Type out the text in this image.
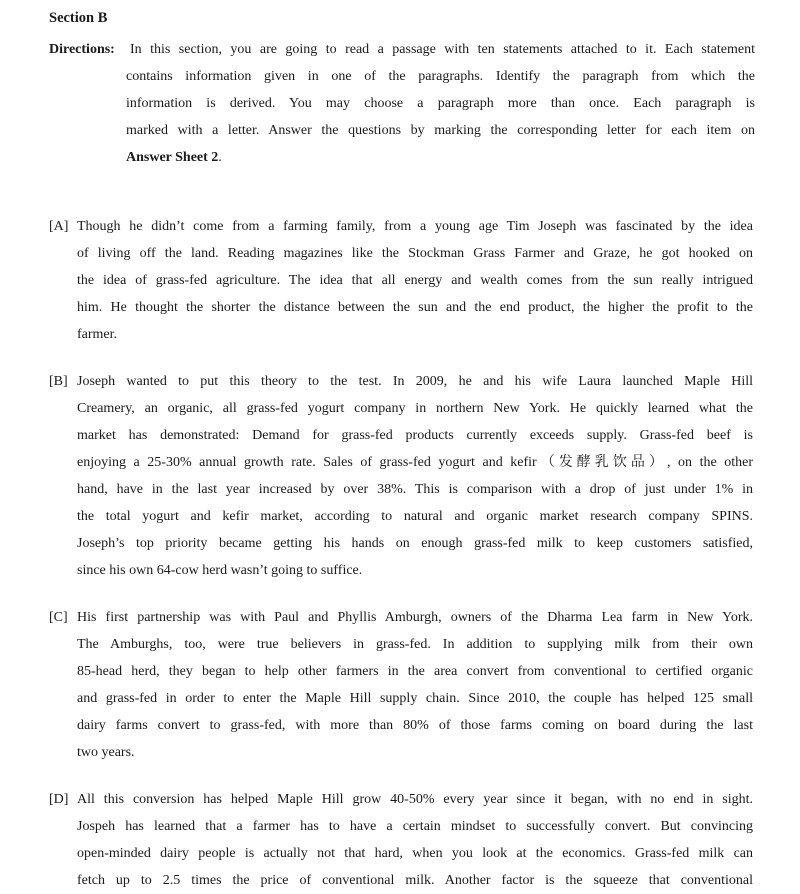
Section B
Directions: In this section, you are going to read a passage with ten statements attached to it. Each statement
contains information given in one of the paragraphs. Identify the paragraph from which the
information is derived. You may choose a paragraph more than once. Each paragraph is
marked with a letter. Answer the questions by marking the corresponding letter for each item on
Answer Sheet 2.
[A] Though he didn’t come from a farming family, from a young age Tim Joseph was fascinated by the idea
of living off the land. Reading magazines like the Stockman Grass Farmer and Graze, he got hooked on
the idea of grass-fed agriculture. The idea that all energy and wealth comes from the sun really intrigued
him. He thought the shorter the distance between the sun and the end product, the higher the profit to the
farmer.
[B] Joseph wanted to put this theory to the test. In 2009, he and his wife Laura launched Maple Hill
Creamery, an organic, all grass-fed yogurt company in northern New York. He quickly learned what the
market has demonstrated: Demand for grass-fed products currently exceeds supply. Grass-fed beef is
enjoying a 25-30% annual growth rate. Sales of grass-fed yogurt and kefir（发酵乳饮品）, on the other
hand, have in the last year increased by over 38%. This is comparison with a drop of just under 1% in
the total yogurt and kefir market, according to natural and organic market research company SPINS.
Joseph’s top priority became getting his hands on enough grass-fed milk to keep customers satisfied,
since his own 64-cow herd wasn’t going to suffice.
[C] His first partnership was with Paul and Phyllis Amburgh, owners of the Dharma Lea farm in New York.
The Amburghs, too, were true believers in grass-fed. In addition to supplying milk from their own
85-head herd, they began to help other farmers in the area convert from conventional to certified organic
and grass-fed in order to enter the Maple Hill supply chain. Since 2010, the couple has helped 125 small
dairy farms convert to grass-fed, with more than 80% of those farms coming on board during the last
two years.
[D] All this conversion has helped Maple Hill grow 40-50% every year since it began, with no end in sight.
Jospeh has learned that a farmer has to have a certain mindset to successfully convert. But convincing
open-minded dairy people is actually not that hard, when you look at the economics. Grass-fed milk can
fetch up to 2.5 times the price of conventional milk. Another factor is the squeeze that conventional
